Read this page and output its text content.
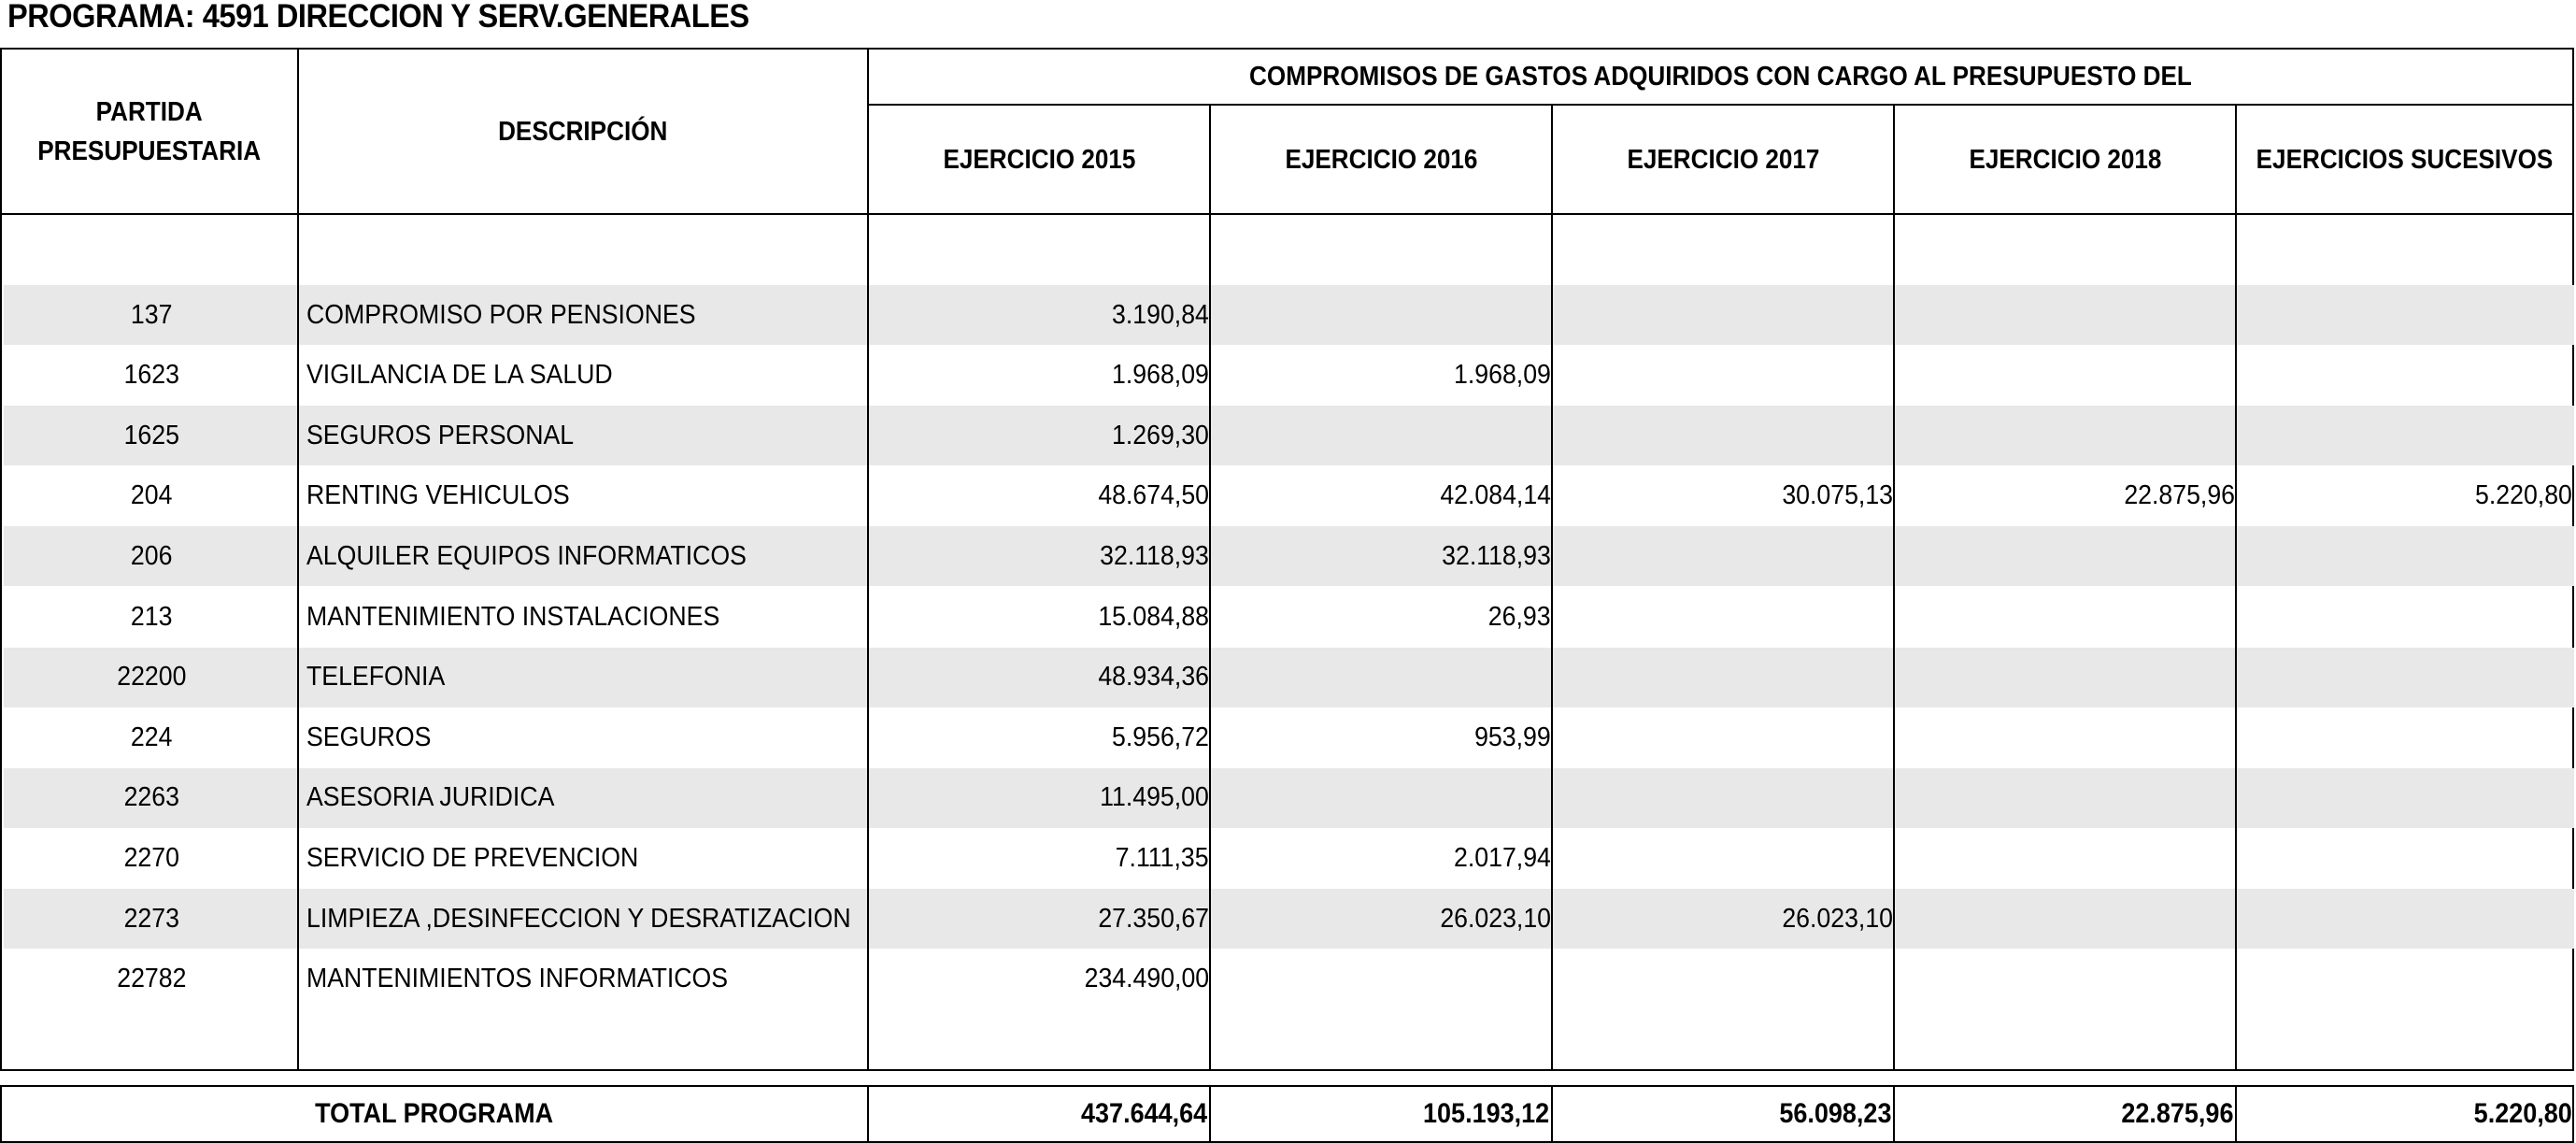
PROGRAMA: 4591 DIRECCION Y SERV.GENERALES
PARTIDA
PRESUPUESTARIA
DESCRIPCIÓN
COMPROMISOS DE GASTOS ADQUIRIDOS CON CARGO AL PRESUPUESTO DEL
EJERCICIO 2015	EJERCICIO 2016	EJERCICIO 2017	EJERCICIO 2018	EJERCICIOS SUCESIVOS
137	COMPROMISO POR PENSIONES	3.190,84
1623	VIGILANCIA DE LA SALUD	1.968,09	1.968,09
1625	SEGUROS PERSONAL	1.269,30
204	RENTING VEHICULOS	48.674,50	42.084,14	30.075,13	22.875,96	5.220,80
206	ALQUILER EQUIPOS INFORMATICOS	32.118,93	32.118,93
213	MANTENIMIENTO INSTALACIONES	15.084,88	26,93
22200	TELEFONIA	48.934,36
224	SEGUROS	5.956,72	953,99
2263	ASESORIA JURIDICA	11.495,00
2270	SERVICIO DE PREVENCION	7.111,35	2.017,94
2273	LIMPIEZA ,DESINFECCION Y DESRATIZACION	27.350,67	26.023,10	26.023,10
22782	MANTENIMIENTOS INFORMATICOS	234.490,00
TOTAL PROGRAMA	437.644,64	105.193,12	56.098,23	22.875,96	5.220,80
